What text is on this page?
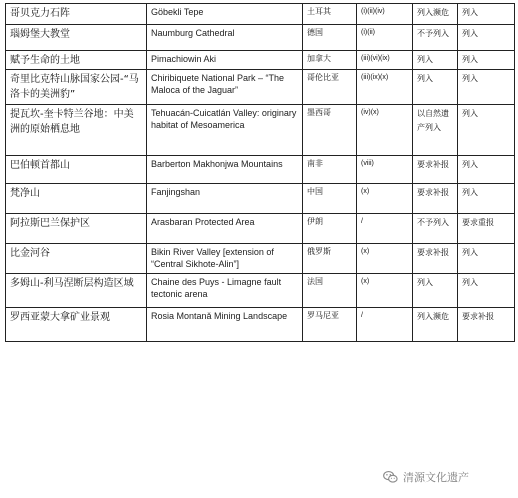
哥贝克力石阵	Göbekli Tepe	土耳其	(i)(ii)(iv)	列入濒危	列入
瑙姆堡大教堂	Naumburg Cathedral	德国	(i)(ii)	不予列入	列入
赋予生命的土地	Pimachiowin Aki	加拿大	(iii)(vi)(ix)	列入	列入
奇里比克特山脉国家公园-“马洛卡的美洲豹”	Chiribiquete National Park – “The Maloca of the Jaguar”	哥伦比亚	(iii)(ix)(x)	列入	列入
提瓦坎-奎卡特兰谷地：中美洲的原始栖息地	Tehuacán-Cuicatlán Valley: originary habitat of Mesoamerica	墨西哥	(iv)(x)	以自然遗产列入	列入
巴伯顿首都山	Barberton Makhonjwa Mountains	南非	(viii)	要求补报	列入
梵净山	Fanjingshan	中国	(x)	要求补报	列入
阿拉斯巴兰保护区	Arasbaran Protected Area	伊朗	/	不予列入	要求重报
比金河谷	Bikin River Valley [extension of “Central Sikhote-Alin”]	俄罗斯	(x)	要求补报	列入
多姆山-利马涅断层构造区域	Chaine des Puys - Limagne fault tectonic arena	法国	(x)	列入	列入
罗西亚蒙大拿矿业景观	Rosia Montanǎ Mining Landscape	罗马尼亚	/	列入濒危	要求补报
清源文化遗产
